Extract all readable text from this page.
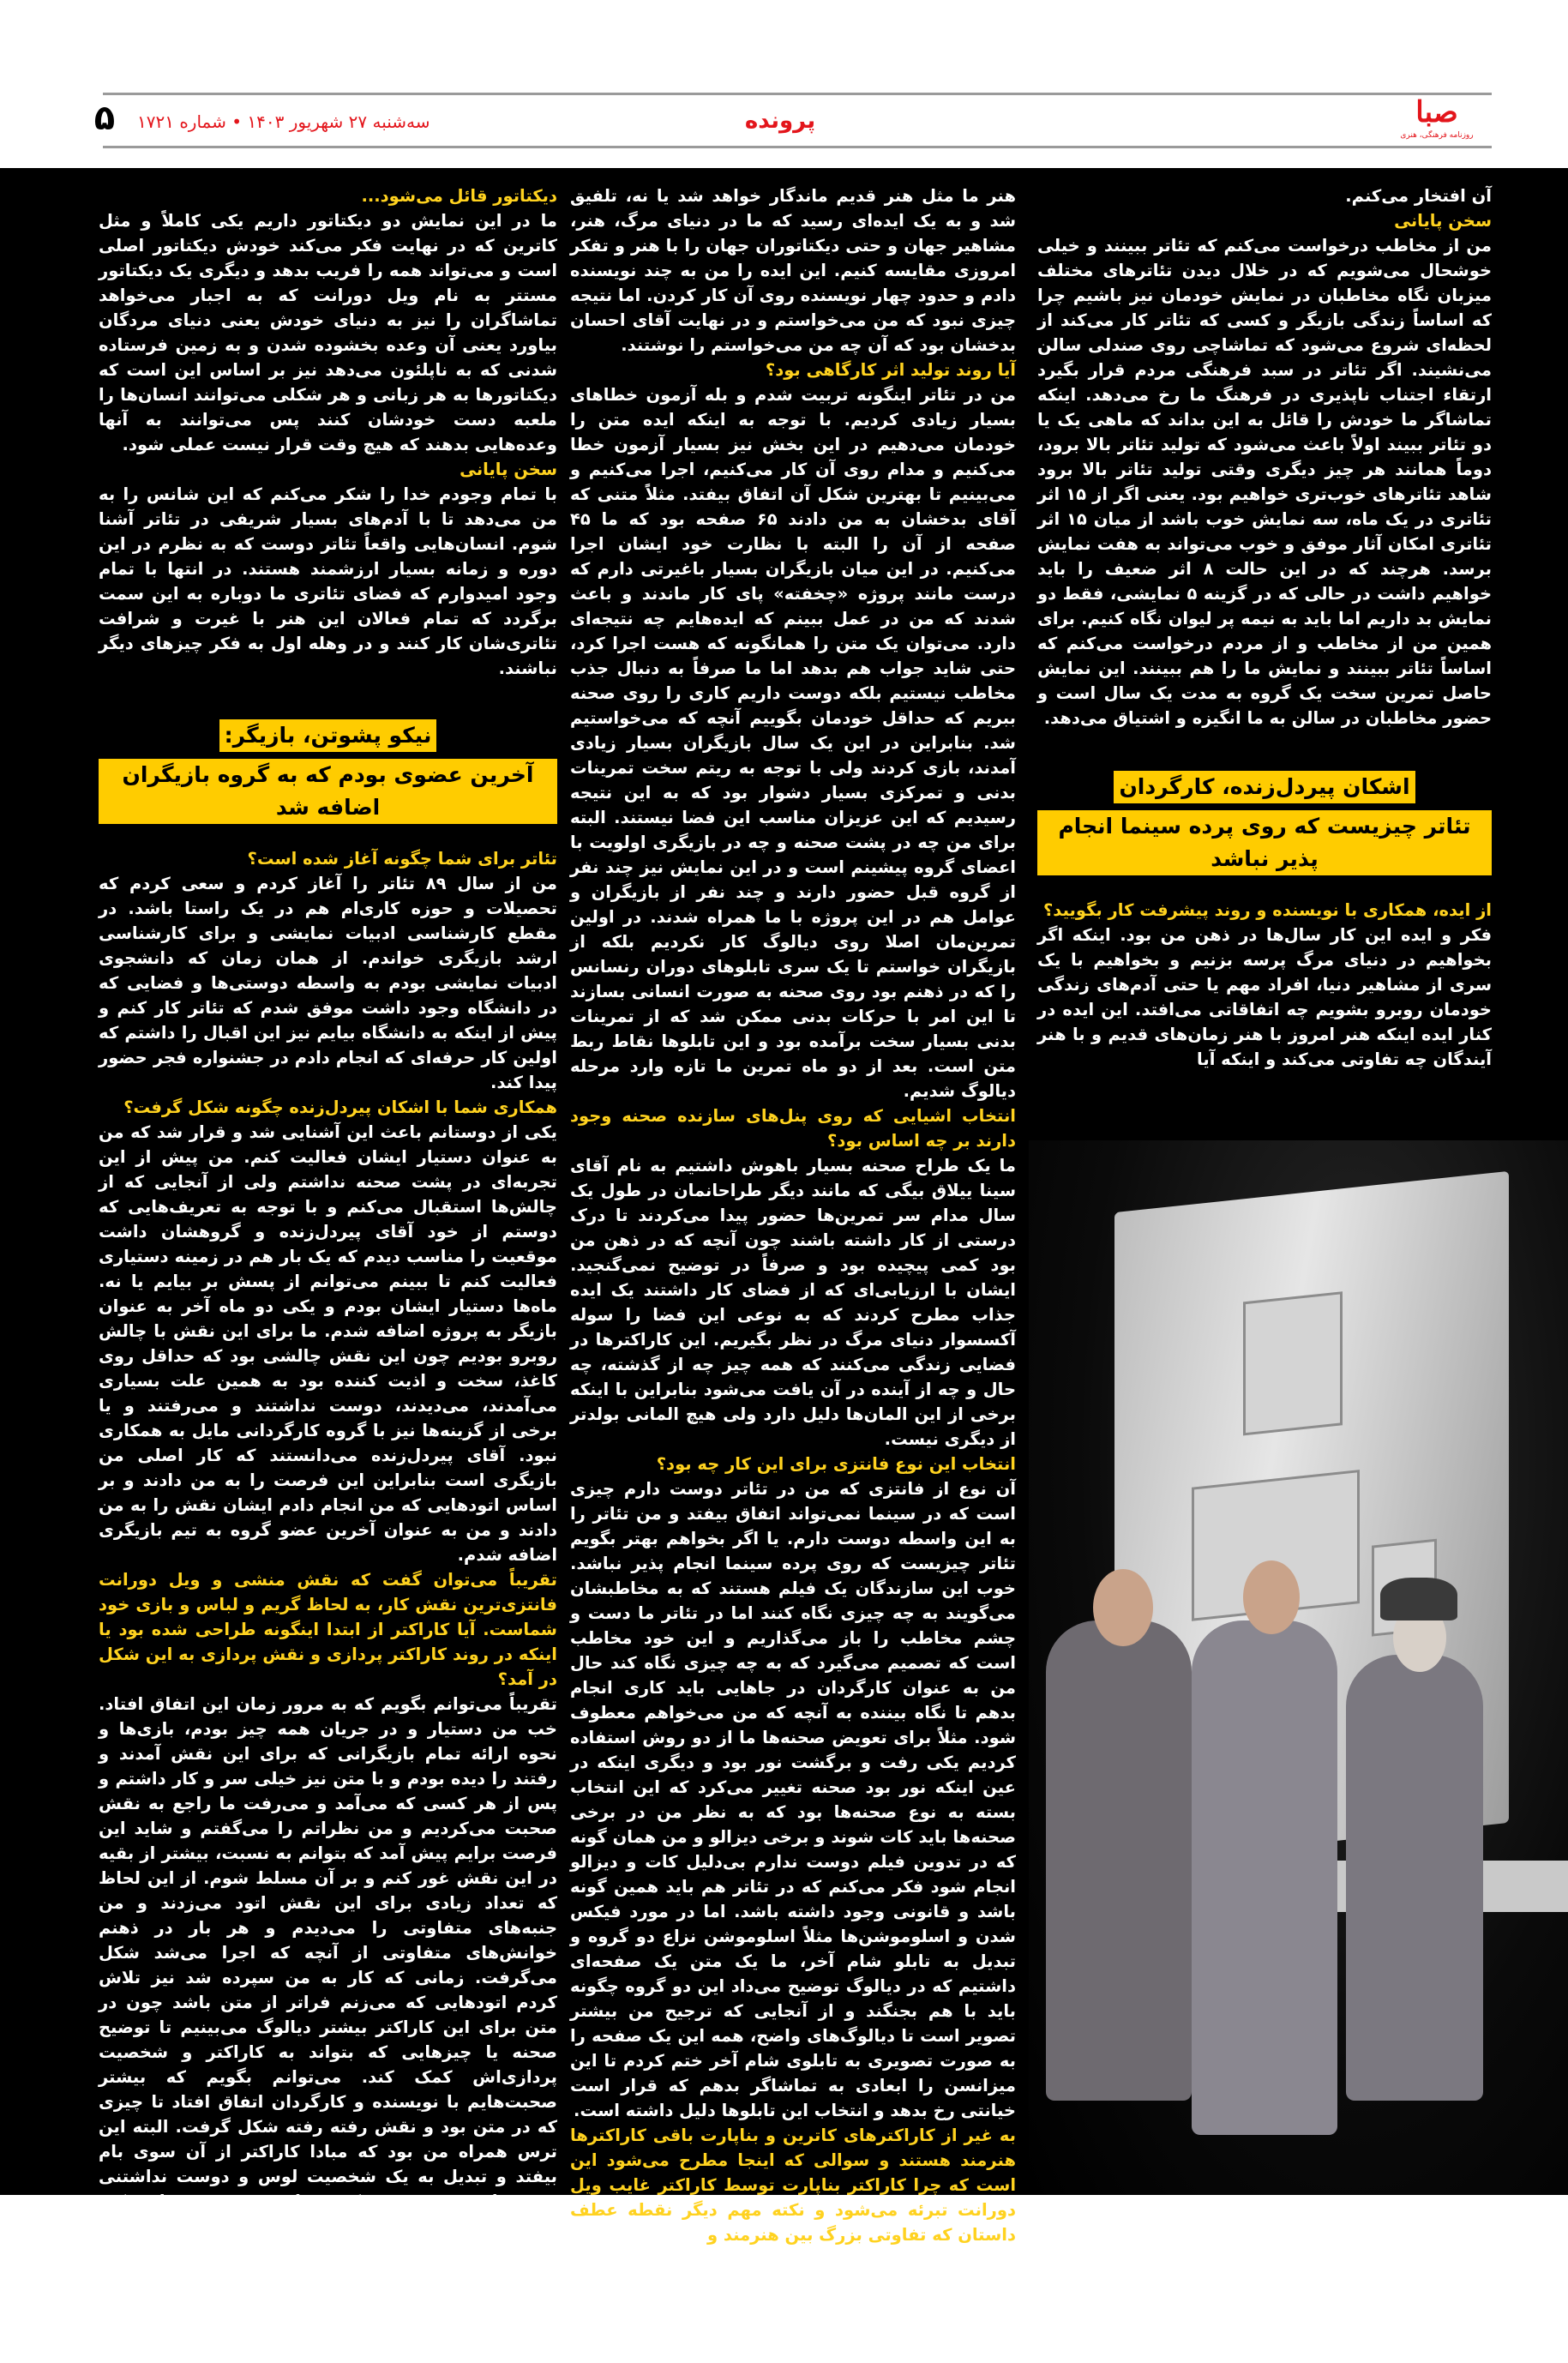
صبا
روزنامه فرهنگی، هنری
پرونده
سه‌شنبه ۲۷ شهریور ۱۴۰۳ • شماره ۱۷۲۱
۵

آن افتخار می‌کنم.

سخن پایانی

من از مخاطب درخواست می‌کنم که تئاتر ببینند و خیلی خوشحال می‌شویم که در خلال دیدن تئاترهای مختلف میزبان نگاه مخاطبان در نمایش خودمان نیز باشیم چرا که اساساً زندگی بازیگر و کسی که تئاتر کار می‌کند از لحظه‌ای شروع می‌شود که تماشاچی روی صندلی سالن می‌نشیند. اگر تئاتر در سبد فرهنگی مردم قرار بگیرد ارتقاء اجتناب ناپذیری در فرهنگ ما رخ می‌دهد. اینکه تماشاگر ما خودش را قائل به این بداند که ماهی یک یا دو تئاتر ببیند اولاً باعث می‌شود که تولید تئاتر بالا برود، دوماً همانند هر چیز دیگری وقتی تولید تئاتر بالا برود شاهد تئاترهای خوب‌تری خواهیم بود. یعنی اگر از ۱۵ اثر تئاتری در یک ماه، سه نمایش خوب باشد از میان ۱۵ اثر تئاتری امکان آثار موفق و خوب می‌تواند به هفت نمایش برسد. هرچند که در این حالت ۸ اثر ضعیف را باید خواهیم داشت در حالی که در گزینه ۵ نمایشی، فقط دو نمایش بد داریم اما باید به نیمه پر لیوان نگاه کنیم. برای همین من از مخاطب و از مردم درخواست می‌کنم که اساساً تئاتر ببینند و نمایش ما را هم ببینند. این نمایش حاصل تمرین سخت یک گروه به مدت یک سال است و حضور مخاطبان در سالن به ما انگیزه و اشتیاق می‌دهد.

اشکان پیردل‌زنده، کارگردان
تئاتر چیزیست که روی پرده سینما انجام پذیر نباشد

از ایده، همکاری با نویسنده و روند پیشرفت کار بگویید؟

فکر و ایده این کار سال‌ها در ذهن من بود. اینکه اگر بخواهیم در دنیای مرگ پرسه بزنیم و بخواهیم با یک سری از مشاهیر دنیا، افراد مهم یا حتی آدم‌های زندگی خودمان روبرو بشویم چه اتفاقاتی می‌افتد. این ایده در کنار ایده اینکه هنر امروز با هنر زمان‌های قدیم و با هنر آیندگان چه تفاوتی می‌کند و اینکه آیا

هنر ما مثل هنر قدیم ماندگار خواهد شد یا نه، تلفیق شد و به یک ایده‌ای رسید که ما در دنیای مرگ، هنر، مشاهیر جهان و حتی دیکتاتوران جهان را با هنر و تفکر امروزی مقایسه کنیم. این ایده را من به چند نویسنده دادم و حدود چهار نویسنده روی آن کار کردن. اما نتیجه چیزی نبود که من می‌خواستم و در نهایت آقای احسان بدخشان بود که آن چه من می‌خواستم را نوشتند.

آیا روند تولید اثر کارگاهی بود؟

من در تئاتر اینگونه تربیت شدم و بله آزمون خطاهای بسیار زیادی کردیم. با توجه به اینکه ایده متن را خودمان می‌دهیم در این بخش نیز بسیار آزمون خطا می‌کنیم و مدام روی آن کار می‌کنیم، اجرا می‌کنیم و می‌بینیم تا بهترین شکل آن اتفاق بیفتد. مثلاً متنی که آقای بدخشان به من دادند ۶۵ صفحه بود که ما ۴۵ صفحه از آن را البته با نظارت خود ایشان اجرا می‌کنیم. در این میان بازیگران بسیار باغیرتی دارم که درست مانند پروژه «چخفته» پای کار ماندند و باعث شدند که من در عمل ببینم که ایده‌هایم چه نتیجه‌ای دارد. می‌توان یک متن را همانگونه که هست اجرا کرد، حتی شاید جواب هم بدهد اما ما صرفاً به دنبال جذب مخاطب نیستیم بلکه دوست داریم کاری را روی صحنه ببریم که حداقل خودمان بگوییم آنچه که می‌خواستیم شد. بنابراین در این یک سال بازیگران بسیار زیادی آمدند، بازی کردند ولی با توجه به ریتم سخت تمرینات بدنی و تمرکزی بسیار دشوار بود که به این نتیجه رسیدیم که این عزیزان مناسب این فضا نیستند. البته برای من چه در پشت صحنه و چه در بازیگری اولویت با اعضای گروه پیشینم است و در این نمایش نیز چند نفر از گروه قبل حضور دارند و چند نفر از بازیگران و عوامل هم در این پروژه با ما همراه شدند. در اولین تمرین‌مان اصلا روی دیالوگ کار نکردیم بلکه از بازیگران خواستم تا یک سری تابلوهای دوران رنسانس را که در ذهنم بود روی صحنه به صورت انسانی بسازند تا این امر با حرکات بدنی ممکن شد که از تمرینات بدنی بسیار سخت برآمده بود و این تابلوها نقاط ربط متن است. بعد از دو ماه تمرین ما تازه وارد مرحله دیالوگ شدیم.

انتخاب اشیایی که روی پنل‌های سازنده صحنه وجود دارند بر چه اساس بود؟

ما یک طراح صحنه بسیار باهوش داشتیم به نام آقای سینا ییلاق بیگی که مانند دیگر طراحانمان در طول یک سال مدام سر تمرین‌ها حضور پیدا می‌کردند تا درک درستی از کار داشته باشند چون آنچه که در ذهن من بود کمی پیچیده بود و صرفاً در توضیح نمی‌گنجید. ایشان با ارزیابی‌ای که از فضای کار داشتند یک ایده جذاب مطرح کردند که به نوعی این فضا را سوله آکسسوار دنیای مرگ در نظر بگیریم. این کاراکترها در فضایی زندگی می‌کنند که همه چیز چه از گذشته، چه حال و چه از آینده در آن یافت می‌شود بنابراین با اینکه برخی از این المان‌ها دلیل دارد ولی هیچ المانی بولدتر از دیگری نیست.

انتخاب این نوع فانتزی برای این کار چه بود؟

آن نوع از فانتزی که من در تئاتر دوست دارم چیزی است که در سینما نمی‌تواند اتفاق بیفتد و من تئاتر را به این واسطه دوست دارم. یا اگر بخواهم بهتر بگویم تئاتر چیزیست که روی پرده سینما انجام پذیر نباشد. خوب این سازندگان یک فیلم هستند که به مخاطبشان می‌گویند به چه چیزی نگاه کنند اما در تئاتر ما دست و چشم مخاطب را باز می‌گذاریم و این خود مخاطب است که تصمیم می‌گیرد که به چه چیزی نگاه کند حال من به عنوان کارگردان در جاهایی باید کاری انجام بدهم تا نگاه بیننده به آنچه که من می‌خواهم معطوف شود. مثلاً برای تعویض صحنه‌ها ما از دو روش استفاده کردیم یکی رفت و برگشت نور بود و دیگری اینکه در عین اینکه نور بود صحنه تغییر می‌کرد که این انتخاب بسته به نوع صحنه‌ها بود که به نظر من در برخی صحنه‌ها باید کات شوند و برخی دیزالو و من همان گونه که در تدوین فیلم دوست ندارم بی‌دلیل کات و دیزالو انجام شود فکر می‌کنم که در تئاتر هم باید همین گونه باشد و قانونی وجود داشته باشد. اما در مورد فیکس شدن و اسلوموشن‌ها مثلاً اسلوموشن نزاع دو گروه و تبدیل به تابلو شام آخر، ما یک متن یک صفحه‌ای داشتیم که در دیالوگ توضیح می‌داد این دو گروه چگونه باید با هم بجنگند و از آنجایی که ترجیح من بیشتر تصویر است تا دیالوگ‌های واضح، همه این یک صفحه را به صورت تصویری به تابلوی شام آخر ختم کردم تا این میزانسن را ابعادی به تماشاگر بدهم که قرار است خیانتی رخ بدهد و انتخاب این تابلوها دلیل داشته است.

به غیر از کاراکترهای کاترین و بناپارت باقی کاراکترها هنرمند هستند و سوالی که اینجا مطرح می‌شود این است که چرا کاراکتر بناپارت توسط کاراکتر غایب ویل دورانت تبرئه می‌شود و نکته مهم دیگر نقطه عطف داستان که تفاوتی بزرگ بین هنرمند و

دیکتاتور قائل می‌شود...

ما در این نمایش دو دیکتاتور داریم یکی کاملاً و مثل کاترین که در نهایت فکر می‌کند خودش دیکتاتور اصلی است و می‌تواند همه را فریب بدهد و دیگری یک دیکتاتور مستتر به نام ویل دورانت که به اجبار می‌خواهد تماشاگران را نیز به دنیای خودش یعنی دنیای مردگان بیاورد یعنی آن وعده بخشوده شدن و به زمین فرستاده شدنی که به ناپلئون می‌دهد نیز بر اساس این است که دیکتاتورها به هر زبانی و هر شکلی می‌توانند انسان‌ها را ملعبه دست خودشان کنند پس می‌توانند به آنها وعده‌هایی بدهند که هیچ وقت قرار نیست عملی شود.

سخن پایانی

با تمام وجودم خدا را شکر می‌کنم که این شانس را به من می‌دهد تا با آدم‌های بسیار شریفی در تئاتر آشنا شوم. انسان‌هایی واقعاً تئاتر دوست که به نظرم در این دوره و زمانه بسیار ارزشمند هستند. در انتها با تمام وجود امیدوارم که فضای تئاتری ما دوباره به این سمت برگردد که تمام فعالان این هنر با غیرت و شرافت تئاتری‌شان کار کنند و در وهله اول به فکر چیزهای دیگر نباشند.

نیکو پشوتن، بازیگر:
آخرین عضوی بودم که به گروه بازیگران اضافه شد

تئاتر برای شما چگونه آغاز شده است؟

من از سال ۸۹ تئاتر را آغاز کردم و سعی کردم که تحصیلات و حوزه کاری‌ام هم در یک راستا باشد. در مقطع کارشناسی ادبیات نمایشی و برای کارشناسی ارشد بازیگری خواندم. از همان زمان که دانشجوی ادبیات نمایشی بودم به واسطه دوستی‌ها و فضایی که در دانشگاه وجود داشت موفق شدم که تئاتر کار کنم و پیش از اینکه به دانشگاه بیایم نیز این اقبال را داشتم که اولین کار حرفه‌ای که انجام دادم در جشنواره فجر حضور پیدا کند.

همکاری شما با اشکان پیردل‌زنده چگونه شکل گرفت؟

یکی از دوستانم باعث این آشنایی شد و قرار شد که من به عنوان دستیار ایشان فعالیت کنم. من پیش از این تجربه‌ای در پشت صحنه نداشتم ولی از آنجایی که از چالش‌ها استقبال می‌کنم و با توجه به تعریف‌هایی که دوستم از خود آقای پیردل‌زنده و گروهشان داشت موقعیت را مناسب دیدم که یک بار هم در زمینه دستیاری فعالیت کنم تا ببینم می‌توانم از پسش بر بیایم یا نه. ماه‌ها دستیار ایشان بودم و یکی دو ماه آخر به عنوان بازیگر به پروژه اضافه شدم. ما برای این نقش با چالش روبرو بودیم چون این نقش چالشی بود که حداقل روی کاغذ، سخت و اذیت کننده بود به همین علت بسیاری می‌آمدند، می‌دیدند، دوست نداشتند و می‌رفتند و یا برخی از گزینه‌ها نیز با گروه کارگردانی مایل به همکاری نبود. آقای پیردل‌زنده می‌دانستند که کار اصلی من بازیگری است بنابراین این فرصت را به من دادند و بر اساس اتودهایی که من انجام دادم ایشان نقش را به من دادند و من به عنوان آخرین عضو گروه به تیم بازیگری اضافه شدم.

تقریباً می‌توان گفت که نقش منشی و ویل دورانت فانتزی‌ترین نقش کار، به لحاظ گریم و لباس و بازی خود شماست. آیا کاراکتر از ابتدا اینگونه طراحی شده بود یا اینکه در روند کاراکتر پردازی و نقش پردازی به این شکل در آمد؟

تقریباً می‌توانم بگویم که به مرور زمان این اتفاق افتاد. خب من دستیار و در جریان همه چیز بودم، بازی‌ها و نحوه ارائه تمام بازیگرانی که برای این نقش آمدند و رفتند را دیده بودم و با متن نیز خیلی سر و کار داشتم و پس از هر کسی که می‌آمد و می‌رفت ما راجع به نقش صحبت می‌کردیم و من نظراتم را می‌گفتم و شاید این فرصت برایم پیش آمد که بتوانم به نسبت، بیشتر از بقیه در این نقش غور کنم و بر آن مسلط شوم. از این لحاظ که تعداد زیادی برای این نقش اتود می‌زدند و من جنبه‌های متفاوتی را می‌دیدم و هر بار در ذهنم خوانش‌های متفاوتی از آنچه که اجرا می‌شد شکل می‌گرفت. زمانی که کار به من سپرده شد نیز تلاش کردم اتودهایی که می‌زنم فراتر از متن باشد چون در متن برای این کاراکتر بیشتر دیالوگ می‌بینیم تا توضیح صحنه یا چیزهایی که بتواند به کاراکتر و شخصیت پردازی‌اش کمک کند. می‌توانم بگویم که بیشتر صحبت‌هایم با نویسنده و کارگردان اتفاق افتاد تا چیزی که در متن بود و نقش رفته رفته شکل گرفت. البته این ترس همراه من بود که مبادا کاراکتر از آن سوی بام بیفتد و تبدیل به یک شخصیت لوس و دوست نداشتنی شود. بابت همین نیز یک مقدار دست به عصا حرکت کردم و به مرور به این کاراکتر افزودم. نویسنده هم به من لطف داشتند و یک مقدار دستم را باز گذاشتند و من توانستم یک سری چیزها را به این کاراکتر اضافه و یک سری چیزها را کم کنم تا کاراکتر به آنچه که می‌خواستم چه به لحاظ دیالوگ و چه به لحاظ اکت و کنش نزدیک‌تر شود.
